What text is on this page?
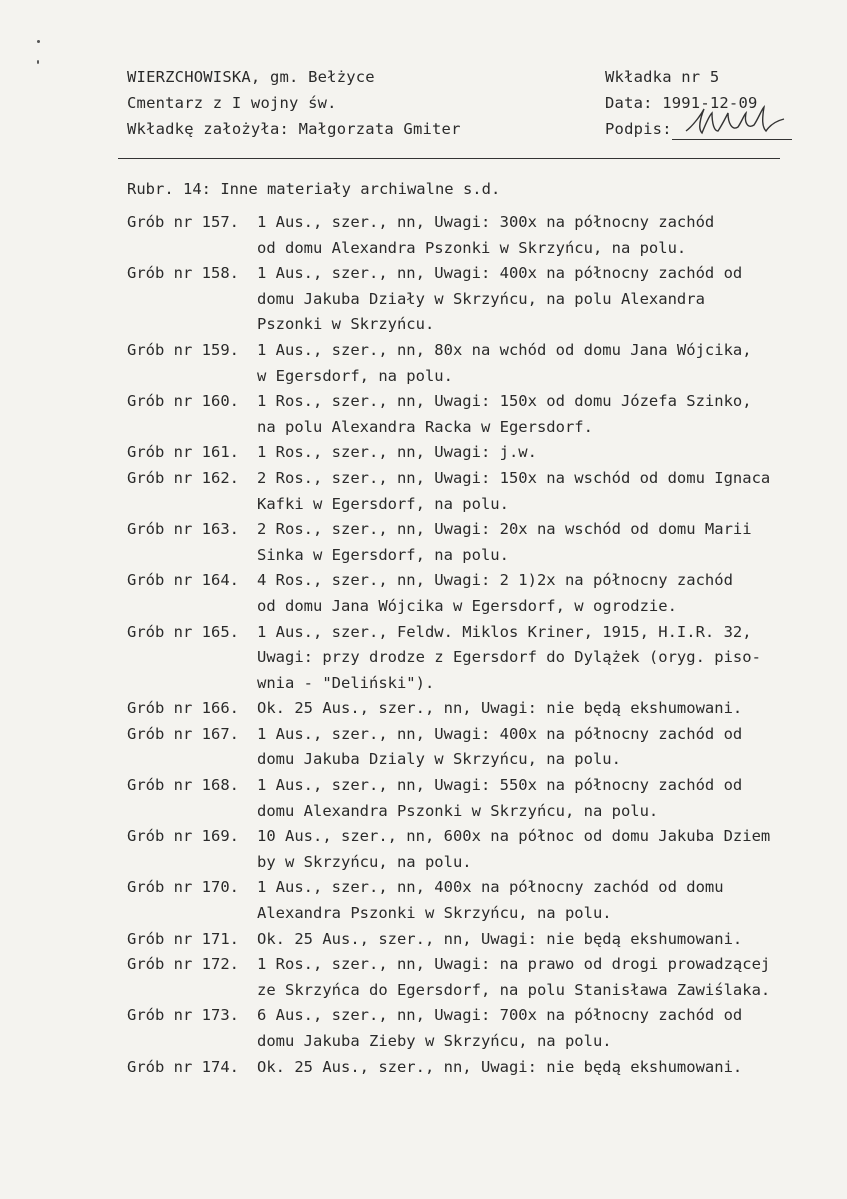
WIERZCHOWISKA, gm. Bełżyce
Cmentarz z I wojny św.
Wkładkę założyła: Małgorzata Gmiter
Wkładka nr 5
Data: 1991-12-09
Podpis:
Rubr. 14: Inne materiały archiwalne s.d.
Grób nr 157.	1 Aus., szer., nn, Uwagi: 300x na północny zachód
od domu Alexandra Pszonki w Skrzyńcu, na polu.
Grób nr 158.	1 Aus., szer., nn, Uwagi: 400x na północny zachód od
domu Jakuba Działy w Skrzyńcu, na polu Alexandra
Pszonki w Skrzyńcu.
Grób nr 159.	1 Aus., szer., nn, 80x na wchód od domu Jana Wójcika,
w Egersdorf, na polu.
Grób nr 160.	1 Ros., szer., nn, Uwagi: 150x od domu Józefa Szinko,
na polu Alexandra Racka w Egersdorf.
Grób nr 161.	1 Ros., szer., nn, Uwagi: j.w.
Grób nr 162.	2 Ros., szer., nn, Uwagi: 150x na wschód od domu Ignaca
Kafki w Egersdorf, na polu.
Grób nr 163.	2 Ros., szer., nn, Uwagi: 20x na wschód od domu Marii
Sinka w Egersdorf, na polu.
Grób nr 164.	4 Ros., szer., nn, Uwagi: 2 1)2x na północny zachód
od domu Jana Wójcika w Egersdorf, w ogrodzie.
Grób nr 165.	1 Aus., szer., Feldw. Miklos Kriner, 1915, H.I.R. 32,
Uwagi: przy drodze z Egersdorf do Dylążek (oryg. piso-
wnia - "Deliński").
Grób nr 166.	Ok. 25 Aus., szer., nn, Uwagi: nie będą ekshumowani.
Grób nr 167.	1 Aus., szer., nn, Uwagi: 400x na północny zachód od
domu Jakuba Dzialy w Skrzyńcu, na polu.
Grób nr 168.	1 Aus., szer., nn, Uwagi: 550x na północny zachód od
domu Alexandra Pszonki w Skrzyńcu, na polu.
Grób nr 169.	10 Aus., szer., nn, 600x na północ od domu Jakuba Dziem
by w Skrzyńcu, na polu.
Grób nr 170.	1 Aus., szer., nn, 400x na północny zachód od domu
Alexandra Pszonki w Skrzyńcu, na polu.
Grób nr 171.	Ok. 25 Aus., szer., nn, Uwagi: nie będą ekshumowani.
Grób nr 172.	1 Ros., szer., nn, Uwagi: na prawo od drogi prowadzącej
ze Skrzyńca do Egersdorf, na polu Stanisława Zawiślaka.
Grób nr 173.	6 Aus., szer., nn, Uwagi: 700x na północny zachód od
domu Jakuba Zieby w Skrzyńcu, na polu.
Grób nr 174.	Ok. 25 Aus., szer., nn, Uwagi: nie będą ekshumowani.
